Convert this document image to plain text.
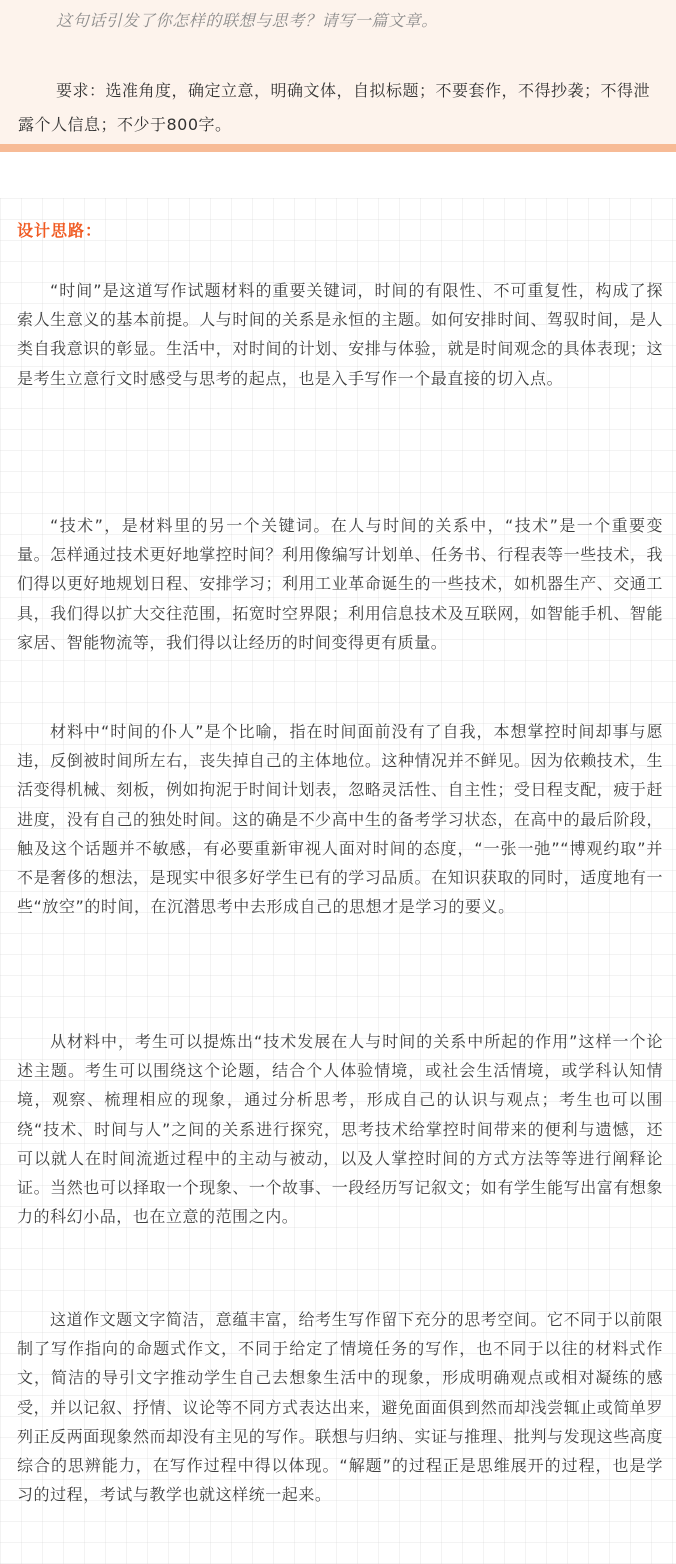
这句话引发了你怎样的联想与思考？请写一篇文章。
要求：选准角度，确定立意，明确文体，自拟标题；不要套作，不得抄袭；不得泄露个人信息；不少于800字。
设计思路：

“时间”是这道写作试题材料的重要关键词，时间的有限性、不可重复性，构成了探索人生意义的基本前提。人与时间的关系是永恒的主题。如何安排时间、驾驭时间，是人类自我意识的彰显。生活中，对时间的计划、安排与体验，就是时间观念的具体表现；这是考生立意行文时感受与思考的起点，也是入手写作一个最直接的切入点。

“技术”，是材料里的另一个关键词。在人与时间的关系中，“技术”是一个重要变量。怎样通过技术更好地掌控时间？利用像编写计划单、任务书、行程表等一些技术，我们得以更好地规划日程、安排学习；利用工业革命诞生的一些技术，如机器生产、交通工具，我们得以扩大交往范围，拓宽时空界限；利用信息技术及互联网，如智能手机、智能家居、智能物流等，我们得以让经历的时间变得更有质量。

材料中“时间的仆人”是个比喻，指在时间面前没有了自我，本想掌控时间却事与愿违，反倒被时间所左右，丧失掉自己的主体地位。这种情况并不鲜见。因为依赖技术，生活变得机械、刻板，例如拘泥于时间计划表，忽略灵活性、自主性；受日程支配，疲于赶进度，没有自己的独处时间。这的确是不少高中生的备考学习状态，在高中的最后阶段，触及这个话题并不敏感，有必要重新审视人面对时间的态度，“一张一弛”“博观约取”并不是奢侈的想法，是现实中很多好学生已有的学习品质。在知识获取的同时，适度地有一些“放空”的时间，在沉潜思考中去形成自己的思想才是学习的要义。

从材料中，考生可以提炼出“技术发展在人与时间的关系中所起的作用”这样一个论述主题。考生可以围绕这个论题，结合个人体验情境，或社会生活情境，或学科认知情境，观察、梳理相应的现象，通过分析思考，形成自己的认识与观点；考生也可以围绕“技术、时间与人”之间的关系进行探究，思考技术给掌控时间带来的便利与遗憾，还可以就人在时间流逝过程中的主动与被动，以及人掌控时间的方式方法等等进行阐释论证。当然也可以择取一个现象、一个故事、一段经历写记叙文；如有学生能写出富有想象力的科幻小品，也在立意的范围之内。

这道作文题文字简洁，意蕴丰富，给考生写作留下充分的思考空间。它不同于以前限制了写作指向的命题式作文，不同于给定了情境任务的写作，也不同于以往的材料式作文，简洁的导引文字推动学生自己去想象生活中的现象，形成明确观点或相对凝练的感受，并以记叙、抒情、议论等不同方式表达出来，避免面面俱到然而却浅尝辄止或简单罗列正反两面现象然而却没有主见的写作。联想与归纳、实证与推理、批判与发现这些高度综合的思辨能力，在写作过程中得以体现。“解题”的过程正是思维展开的过程，也是学习的过程，考试与教学也就这样统一起来。
